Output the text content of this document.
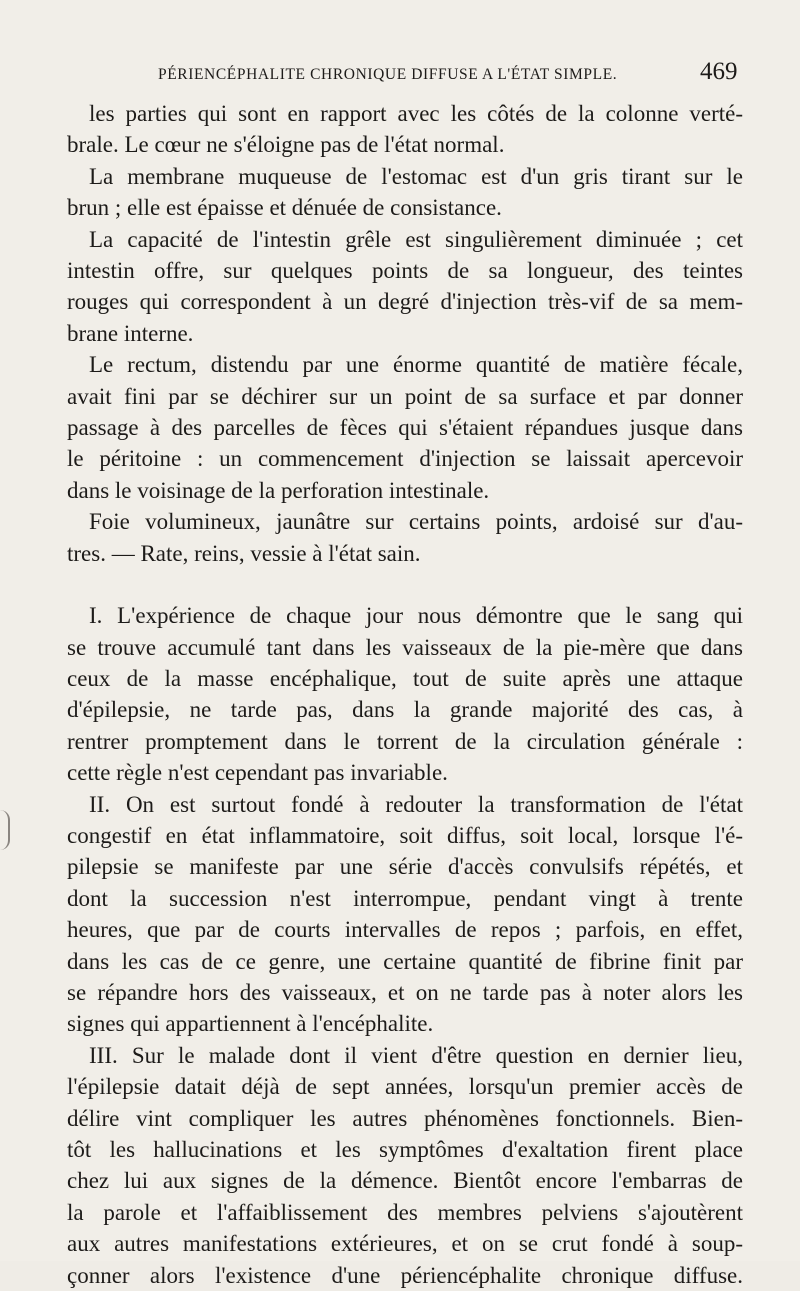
PÉRIENCÉPHALITE CHRONIQUE DIFFUSE A L'ÉTAT SIMPLE.	469
les parties qui sont en rapport avec les côtés de la colonne verté-
brale. Le cœur ne s'éloigne pas de l'état normal.
La membrane muqueuse de l'estomac est d'un gris tirant sur le
brun ; elle est épaisse et dénuée de consistance.
La capacité de l'intestin grêle est singulièrement diminuée ; cet
intestin offre, sur quelques points de sa longueur, des teintes
rouges qui correspondent à un degré d'injection très-vif de sa mem-
brane interne.
Le rectum, distendu par une énorme quantité de matière fécale,
avait fini par se déchirer sur un point de sa surface et par donner
passage à des parcelles de fèces qui s'étaient répandues jusque dans
le péritoine : un commencement d'injection se laissait apercevoir
dans le voisinage de la perforation intestinale.
Foie volumineux, jaunâtre sur certains points, ardoisé sur d'au-
tres. — Rate, reins, vessie à l'état sain.
I. L'expérience de chaque jour nous démontre que le sang qui
se trouve accumulé tant dans les vaisseaux de la pie-mère que dans
ceux de la masse encéphalique, tout de suite après une attaque
d'épilepsie, ne tarde pas, dans la grande majorité des cas, à
rentrer promptement dans le torrent de la circulation générale :
cette règle n'est cependant pas invariable.
II. On est surtout fondé à redouter la transformation de l'état
congestif en état inflammatoire, soit diffus, soit local, lorsque l'é-
pilepsie se manifeste par une série d'accès convulsifs répétés, et
dont la succession n'est interrompue, pendant vingt à trente
heures, que par de courts intervalles de repos ; parfois, en effet,
dans les cas de ce genre, une certaine quantité de fibrine finit par
se répandre hors des vaisseaux, et on ne tarde pas à noter alors les
signes qui appartiennent à l'encéphalite.
III. Sur le malade dont il vient d'être question en dernier lieu,
l'épilepsie datait déjà de sept années, lorsqu'un premier accès de
délire vint compliquer les autres phénomènes fonctionnels. Bien-
tôt les hallucinations et les symptômes d'exaltation firent place
chez lui aux signes de la démence. Bientôt encore l'embarras de
la parole et l'affaiblissement des membres pelviens s'ajoutèrent
aux autres manifestations extérieures, et on se crut fondé à soup-
çonner alors l'existence d'une périencéphalite chronique diffuse.
